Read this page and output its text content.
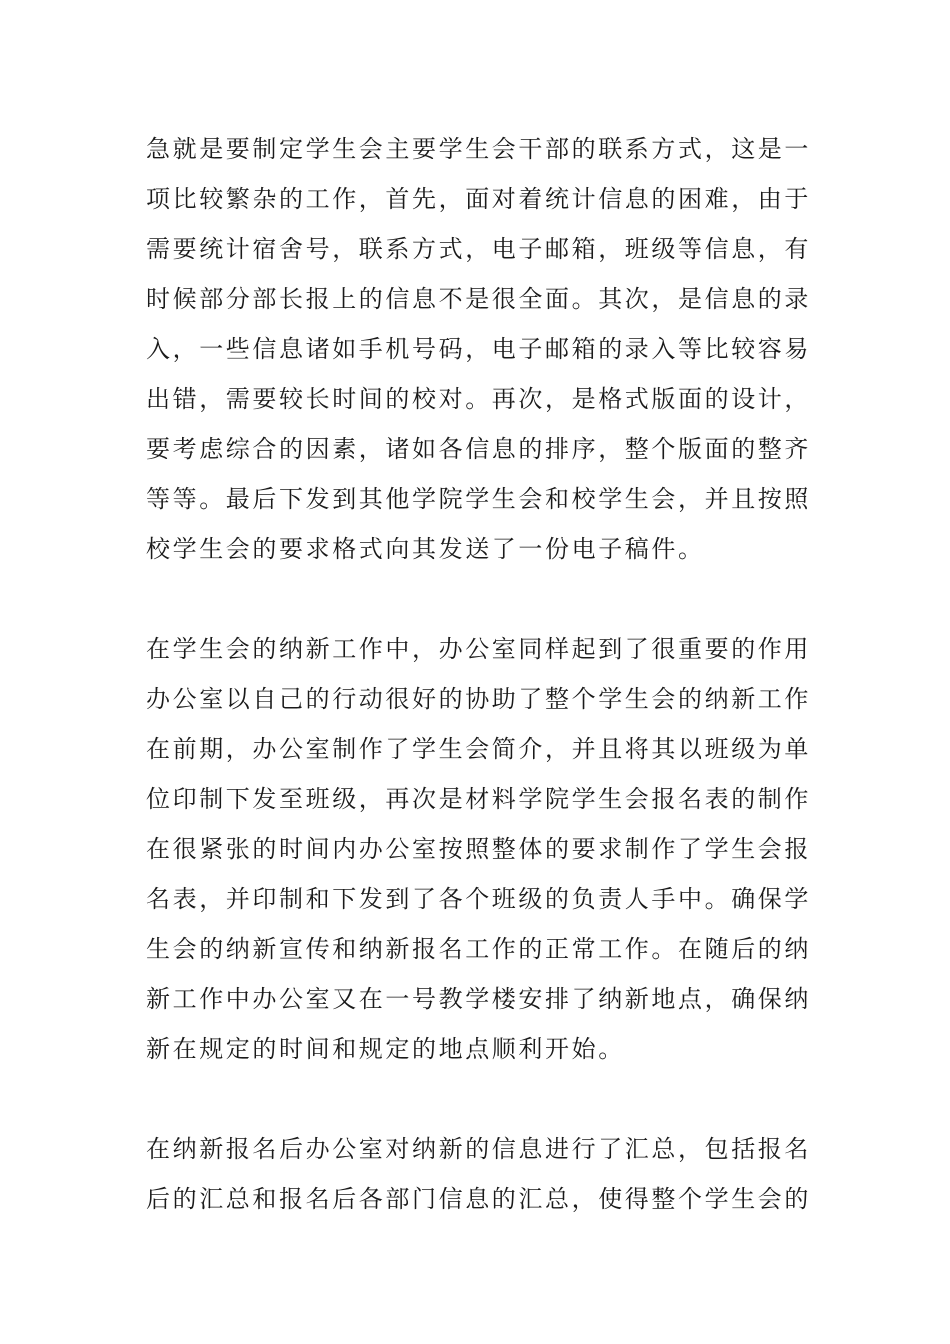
急就是要制定学生会主要学生会干部的联系方式，这是一
项比较繁杂的工作，首先，面对着统计信息的困难，由于
需要统计宿舍号，联系方式，电子邮箱，班级等信息，有
时候部分部长报上的信息不是很全面。其次，是信息的录
入，一些信息诸如手机号码，电子邮箱的录入等比较容易
出错，需要较长时间的校对。再次，是格式版面的设计，
要考虑综合的因素，诸如各信息的排序，整个版面的整齐
等等。最后下发到其他学院学生会和校学生会，并且按照
校学生会的要求格式向其发送了一份电子稿件。
在学生会的纳新工作中，办公室同样起到了很重要的作用
办公室以自己的行动很好的协助了整个学生会的纳新工作
在前期，办公室制作了学生会简介，并且将其以班级为单
位印制下发至班级，再次是材料学院学生会报名表的制作
在很紧张的时间内办公室按照整体的要求制作了学生会报
名表，并印制和下发到了各个班级的负责人手中。确保学
生会的纳新宣传和纳新报名工作的正常工作。在随后的纳
新工作中办公室又在一号教学楼安排了纳新地点，确保纳
新在规定的时间和规定的地点顺利开始。
在纳新报名后办公室对纳新的信息进行了汇总，包括报名
后的汇总和报名后各部门信息的汇总，使得整个学生会的
